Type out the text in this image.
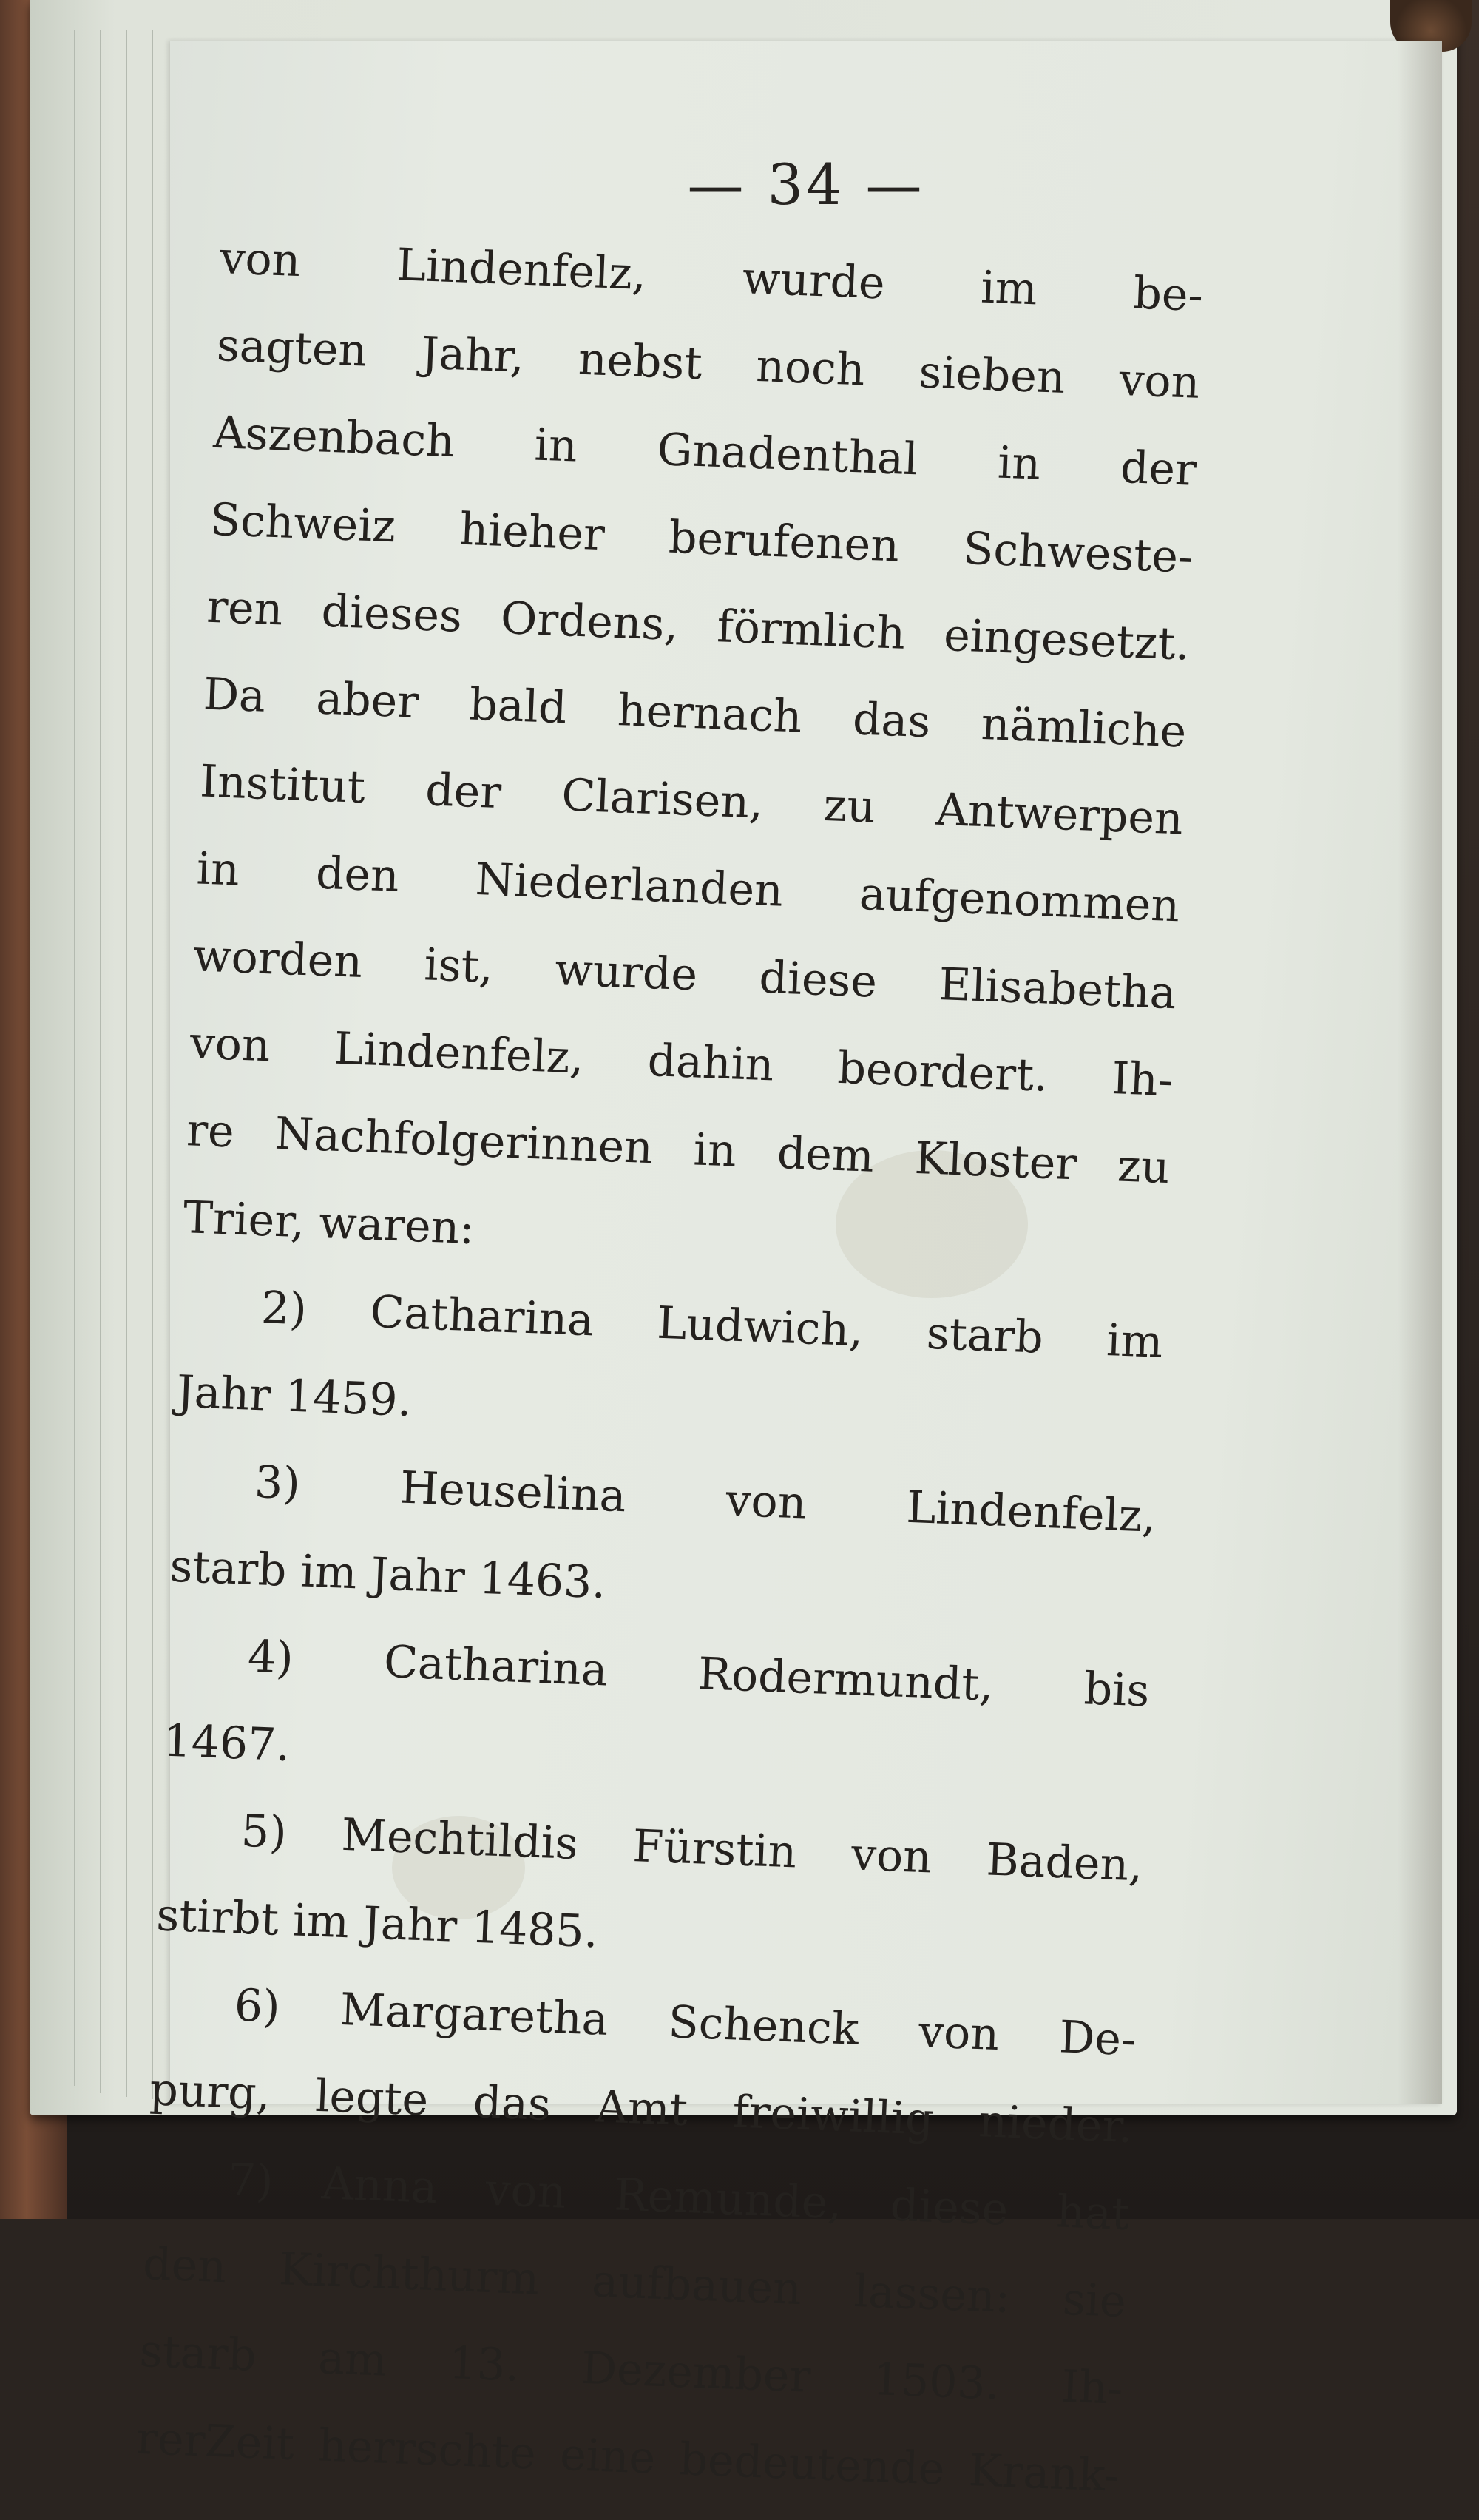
— 34 —
von Lindenfelz, wurde im be-
sagten Jahr, nebst noch sieben von
Aszenbach in Gnadenthal in der
Schweiz hieher berufenen Schweste-
ren dieses Ordens, förmlich eingesetzt.
Da aber bald hernach das nämliche
Institut der Clarisen, zu Antwerpen
in den Niederlanden aufgenommen
worden ist, wurde diese Elisabetha
von Lindenfelz, dahin beordert. Ih-
re Nachfolgerinnen in dem Kloster zu
Trier, waren:
2) Catharina Ludwich, starb im
Jahr 1459.
3) Heuselina von Lindenfelz,
starb im Jahr 1463.
4) Catharina Rodermundt, bis
1467.
5) Mechtildis Fürstin von Baden,
stirbt im Jahr 1485.
6) Margaretha Schenck von De-
purg, legte das Amt freiwillig nieder.
7) Anna von Remunde, diese hat
den Kirchthurm aufbauen lassen: sie
starb am 13. Dezember 1503. Ih-
rerZeit herrschte eine bedeutende Krank-
